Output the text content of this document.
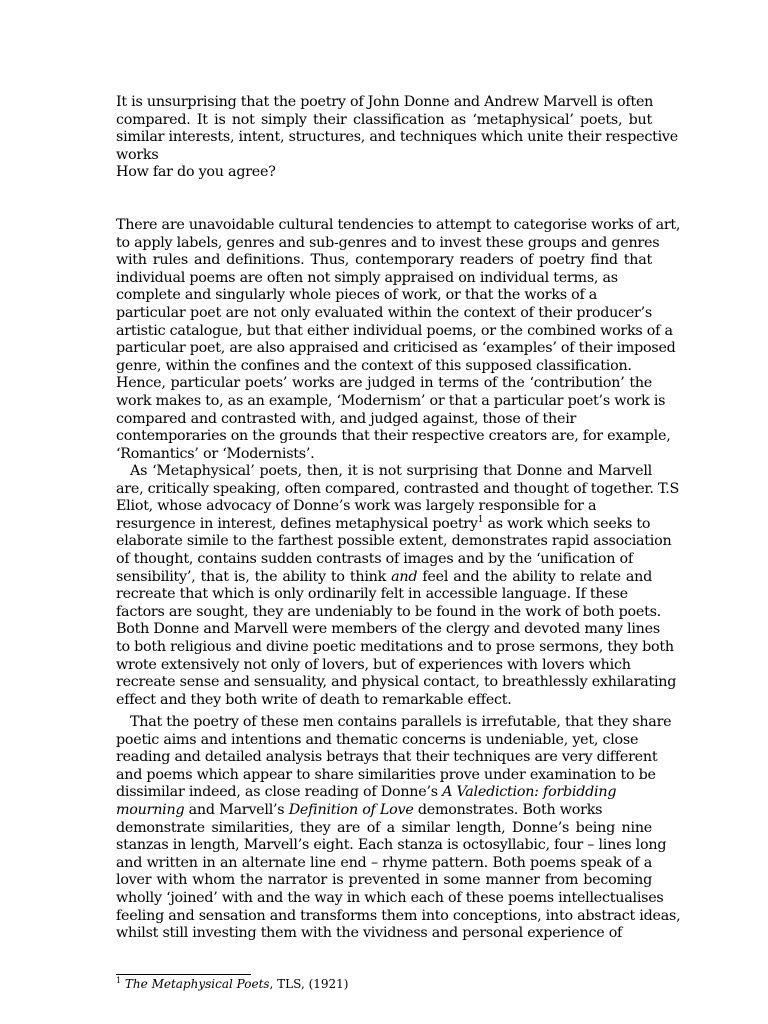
It is unsurprising that the poetry of John Donne and Andrew Marvell is often
compared. It is not simply their classification as ‘metaphysical’ poets, but
similar interests, intent, structures, and techniques which unite their respective
works
How far do you agree?
There are unavoidable cultural tendencies to attempt to categorise works of art,
to apply labels, genres and sub-genres and to invest these groups and genres
with rules and definitions. Thus, contemporary readers of poetry find that
individual poems are often not simply appraised on individual terms, as
complete and singularly whole pieces of work, or that the works of a
particular poet are not only evaluated within the context of their producer’s
artistic catalogue, but that either individual poems, or the combined works of a
particular poet, are also appraised and criticised as ‘examples’ of their imposed
genre, within the confines and the context of this supposed classification.
Hence, particular poets’ works are judged in terms of the ‘contribution’ the
work makes to, as an example, ‘Modernism’ or that a particular poet’s work is
compared and contrasted with, and judged against, those of their
contemporaries on the grounds that their respective creators are, for example,
‘Romantics’ or ‘Modernists’.
As ‘Metaphysical’ poets, then, it is not surprising that Donne and Marvell
are, critically speaking, often compared, contrasted and thought of together. T.S
Eliot, whose advocacy of Donne’s work was largely responsible for a
resurgence in interest, defines metaphysical poetry$^1$ as work which seeks to
elaborate simile to the farthest possible extent, demonstrates rapid association
of thought, contains sudden contrasts of images and by the ‘unification of
sensibility’, that is, the ability to think and feel and the ability to relate and
recreate that which is only ordinarily felt in accessible language. If these
factors are sought, they are undeniably to be found in the work of both poets.
Both Donne and Marvell were members of the clergy and devoted many lines
to both religious and divine poetic meditations and to prose sermons, they both
wrote extensively not only of lovers, but of experiences with lovers which
recreate sense and sensuality, and physical contact, to breathlessly exhilarating
effect and they both write of death to remarkable effect.
That the poetry of these men contains parallels is irrefutable, that they share
poetic aims and intentions and thematic concerns is undeniable, yet, close
reading and detailed analysis betrays that their techniques are very different
and poems which appear to share similarities prove under examination to be
dissimilar indeed, as close reading of Donne’s A Valediction: forbidding
mourning and Marvell’s Definition of Love demonstrates. Both works
demonstrate similarities, they are of a similar length, Donne’s being nine
stanzas in length, Marvell’s eight. Each stanza is octosyllabic, four – lines long
and written in an alternate line end – rhyme pattern. Both poems speak of a
lover with whom the narrator is prevented in some manner from becoming
wholly ‘joined’ with and the way in which each of these poems intellectualises
feeling and sensation and transforms them into conceptions, into abstract ideas,
whilst still investing them with the vividness and personal experience of
$^1$ The Metaphysical Poets, TLS, (1921)
